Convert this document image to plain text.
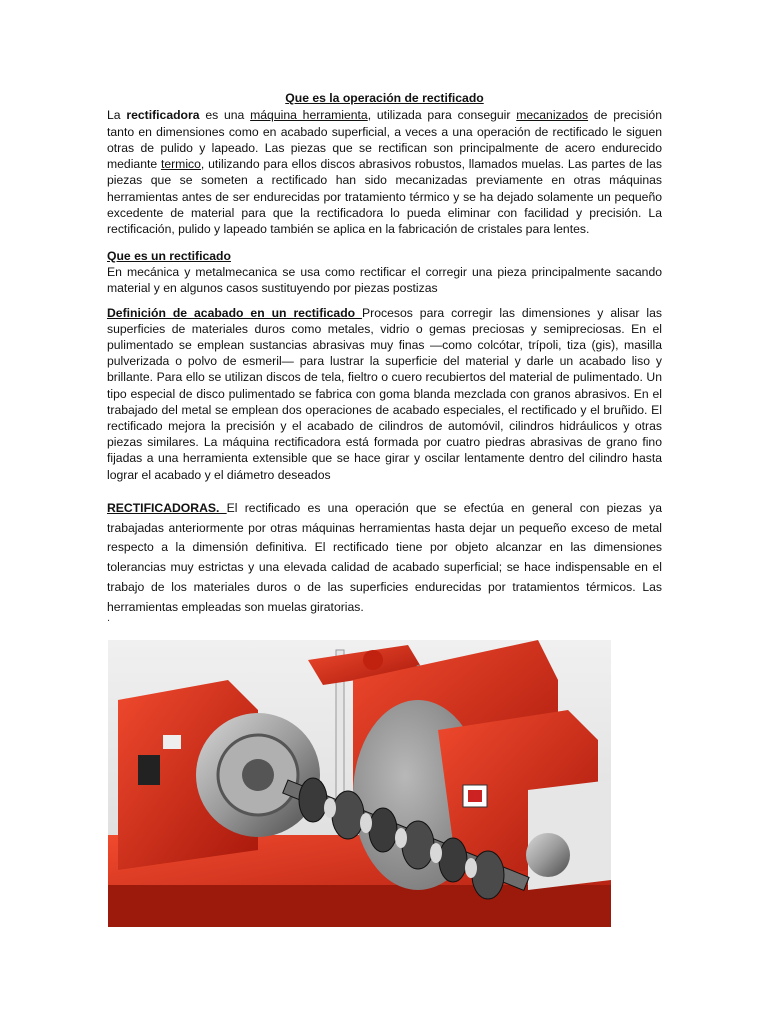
Que es la operación de rectificado

La rectificadora es una máquina herramienta, utilizada para conseguir mecanizados de precisión tanto en dimensiones como en acabado superficial, a veces a una operación de rectificado le siguen otras de pulido y lapeado. Las piezas que se rectifican son principalmente de acero endurecido mediante termico, utilizando para ellos discos abrasivos robustos, llamados muelas. Las partes de las piezas que se someten a rectificado han sido mecanizadas previamente en otras máquinas herramientas antes de ser endurecidas por tratamiento térmico y se ha dejado solamente un pequeño excedente de material para que la rectificadora lo pueda eliminar con facilidad y precisión. La rectificación, pulido y lapeado también se aplica en la fabricación de cristales para lentes.

Que es un rectificado

En mecánica y metalmecanica se usa como rectificar el corregir una pieza principalmente sacando material y en algunos casos sustituyendo por piezas postizas

Definición de acabado en un rectificado Procesos para corregir las dimensiones y alisar las superficies de materiales duros como metales, vidrio o gemas preciosas y semipreciosas. En el pulimentado se emplean sustancias abrasivas muy finas —como colcótar, trípoli, tiza (gis), masilla pulverizada o polvo de esmeril— para lustrar la superficie del material y darle un acabado liso y brillante. Para ello se utilizan discos de tela, fieltro o cuero recubiertos del material de pulimentado. Un tipo especial de disco pulimentado se fabrica con goma blanda mezclada con granos abrasivos. En el trabajado del metal se emplean dos operaciones de acabado especiales, el rectificado y el bruñido. El rectificado mejora la precisión y el acabado de cilindros de automóvil, cilindros hidráulicos y otras piezas similares. La máquina rectificadora está formada por cuatro piedras abrasivas de grano fino fijadas a una herramienta extensible que se hace girar y oscilar lentamente dentro del cilindro hasta lograr el acabado y el diámetro deseados

RECTIFICADORAS. El rectificado es una operación que se efectúa en general con piezas ya trabajadas anteriormente por otras máquinas herramientas hasta dejar un pequeño exceso de metal respecto a la dimensión definitiva. El rectificado tiene por objeto alcanzar en las dimensiones tolerancias muy estrictas y una elevada calidad de acabado superficial; se hace indispensable en el trabajo de los materiales duros o de las superficies endurecidas por tratamientos térmicos. Las herramientas empleadas son muelas giratorias.

.
